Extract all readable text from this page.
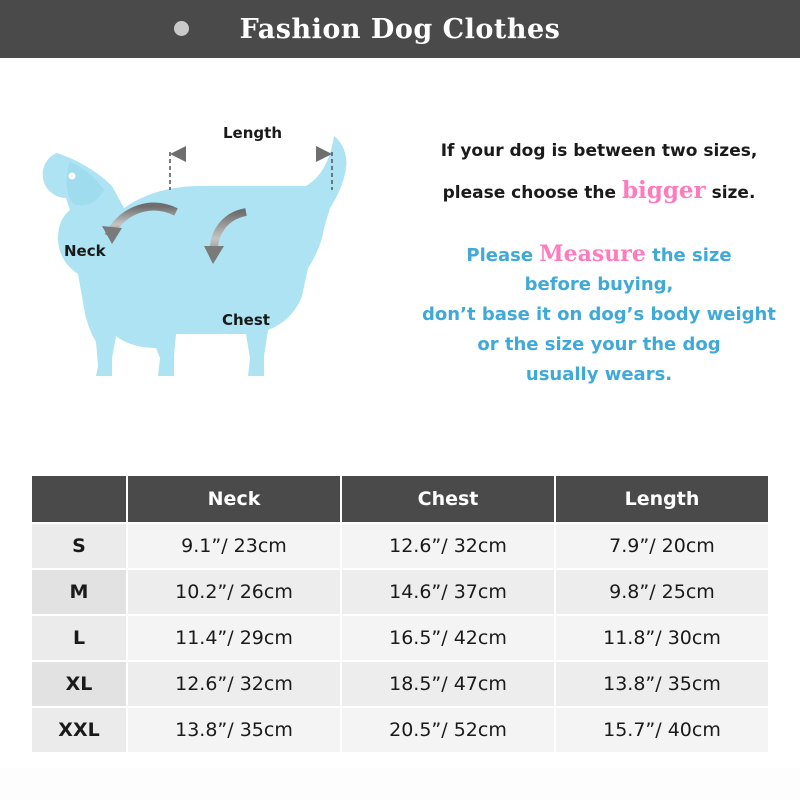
Fashion Dog Clothes
Length
Neck
Chest
If your dog is between two sizes,
please choose the bigger size.
Please Measure the size
before buying,
don’t base it on dog’s body weight
or the size your the dog
usually wears.
	Neck	Chest	Length
S	9.1”/ 23cm	12.6”/ 32cm	7.9”/ 20cm
M	10.2”/ 26cm	14.6”/ 37cm	9.8”/ 25cm
L	11.4”/ 29cm	16.5”/ 42cm	11.8”/ 30cm
XL	12.6”/ 32cm	18.5”/ 47cm	13.8”/ 35cm
XXL	13.8”/ 35cm	20.5”/ 52cm	15.7”/ 40cm
